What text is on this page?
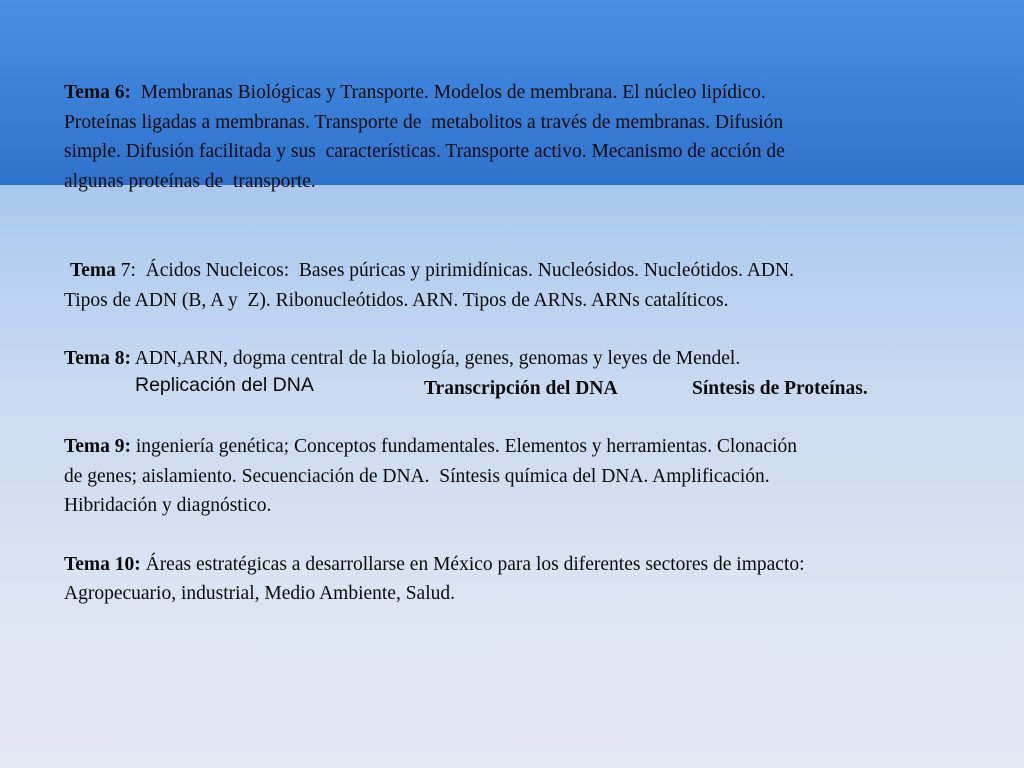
Tema 6:  Membranas Biológicas y Transporte. Modelos de membrana. El núcleo lipídico.
Proteínas ligadas a membranas. Transporte de  metabolitos a través de membranas. Difusión
simple. Difusión facilitada y sus  características. Transporte activo. Mecanismo de acción de
algunas proteínas de  transporte.
Tema 7:  Ácidos Nucleicos:  Bases púricas y pirimidínicas. Nucleósidos. Nucleótidos. ADN.
Tipos de ADN (B, A y  Z). Ribonucleótidos. ARN. Tipos de ARNs. ARNs catalíticos.
Tema 8: ADN,ARN, dogma central de la biología, genes, genomas y leyes de Mendel.
Replicación del DNA	Transcripción del DNA	Síntesis de Proteínas.
Tema 9: ingeniería genética; Conceptos fundamentales. Elementos y herramientas. Clonación
de genes; aislamiento. Secuenciación de DNA.  Síntesis química del DNA. Amplificación.
Hibridación y diagnóstico.
Tema 10: Áreas estratégicas a desarrollarse en México para los diferentes sectores de impacto:
Agropecuario, industrial, Medio Ambiente, Salud.
